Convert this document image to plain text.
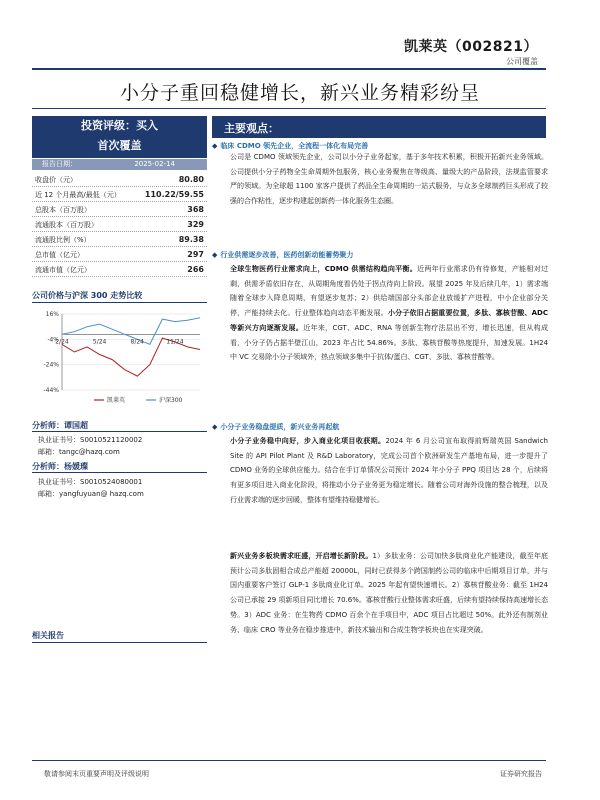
凯莱英（002821）
公司覆盖
小分子重回稳健增长，新兴业务精彩纷呈
投资评级：买入
首次覆盖
报告日期：	2025-02-14
收盘价（元）	80.80
近 12 个月最高/最低（元）	110.22/59.55
总股本（百万股）	368
流通股本（百万股）	329
流通股比例（%）	89.38
总市值（亿元）	297
流通市值（亿元）	266
公司价格与沪深 300 走势比较
16%
-4%
-24%
-44%
2/24	5/24	8/24	11/24
凯莱英	沪深300
分析师：谭国超
执业证书号：S0010521120002
邮箱：tangc@hazq.com
分析师：杨媛璨
执业证书号：S0010524080001
邮箱：yangfuyuan@ hazq.com
相关报告
主要观点：
◆ 临床 CDMO 领先企业，全流程一体化布局完善
公司是 CDMO 领域领先企业，公司以小分子业务起家，基于多年技术积累，积极开拓新兴业务领域。公司提供小分子药物全生命周期外包服务，核心业务聚焦在等级高、量级大的产品阶段，法规监管要求严的领域。为全球超 1100 家客户提供了药品全生命周期的一站式服务，与众多全球制药巨头形成了较强的合作粘性，逐步构建起创新药一体化服务生态圈。
◆ 行业供需逐步改善，医药创新动能蓄势聚力
全球生物医药行业需求向上，CDMO 供需结构趋向平衡。近两年行业需求仍有待修复，产能相对过剩，供需矛盾依旧存在，从周期角度看仍处于拐点待向上阶段。展望 2025 年及后续几年，1）需求端随着全球步入降息周期，有望逐步复苏；2）供给端国部分头部企业放缓扩产进程，中小企业部分关停，产能持续去化。行业整体趋向动态平衡发展。小分子依旧占据重要位置，多肽、寡核苷酸、ADC 等新兴方向逐渐发展。近年来，CGT、ADC、RNA 等创新生物疗法层出不穷，增长迅速，但从构成看，小分子仍占据半壁江山，2023 年占比 54.86%。多肽、寡核苷酸等热度提升，加速发展。1H24 中 VC 交易除小分子领域外，热点领域多集中于抗体/蛋白、CGT、多肽、寡核苷酸等。
◆ 小分子业务稳盘提质，新兴业务再起航
小分子业务稳中向好，步入商业化项目收获期。2024 年 6 月公司宣布取得前辉瑞英国 Sandwich Site 的 API Pilot Plant 及 R&D Laboratory，完成公司首个欧洲研发生产基地布局，进一步提升了 CDMO 业务的全球供应能力。结合在手订单情况公司预计 2024 年小分子 PPQ 项目达 28 个，后续将有更多项目进入商业化阶段，将推动小分子业务更为稳定增长。随着公司对海外设施的整合梳理，以及行业需求端的逐步回暖，整体有望维持稳健增长。
新兴业务多板块需求旺盛，开启增长新阶段。1）多肽业务：公司加快多肽商业化产能建设，截至年底预计公司多肽固相合成总产能超 20000L，同时已获得多个跨国制药公司的临床中后期项目订单，并与国内重要客户签订 GLP-1 多肽商业化订单。2025 年起有望快速增长。2）寡核苷酸业务：截至 1H24 公司已承接 29 项新项目同比增长 70.6%。寡核苷酸行业整体需求旺盛，后续有望持续保持高速增长态势。3）ADC 业务：在生物药 CDMO 百余个在手项目中，ADC 项目占比超过 50%。此外还有制剂业务、临床 CRO 等业务在稳步推进中，新技术输出和合成生物学板块也在实现突破。
敬请参阅末页重要声明及评级说明	证券研究报告
